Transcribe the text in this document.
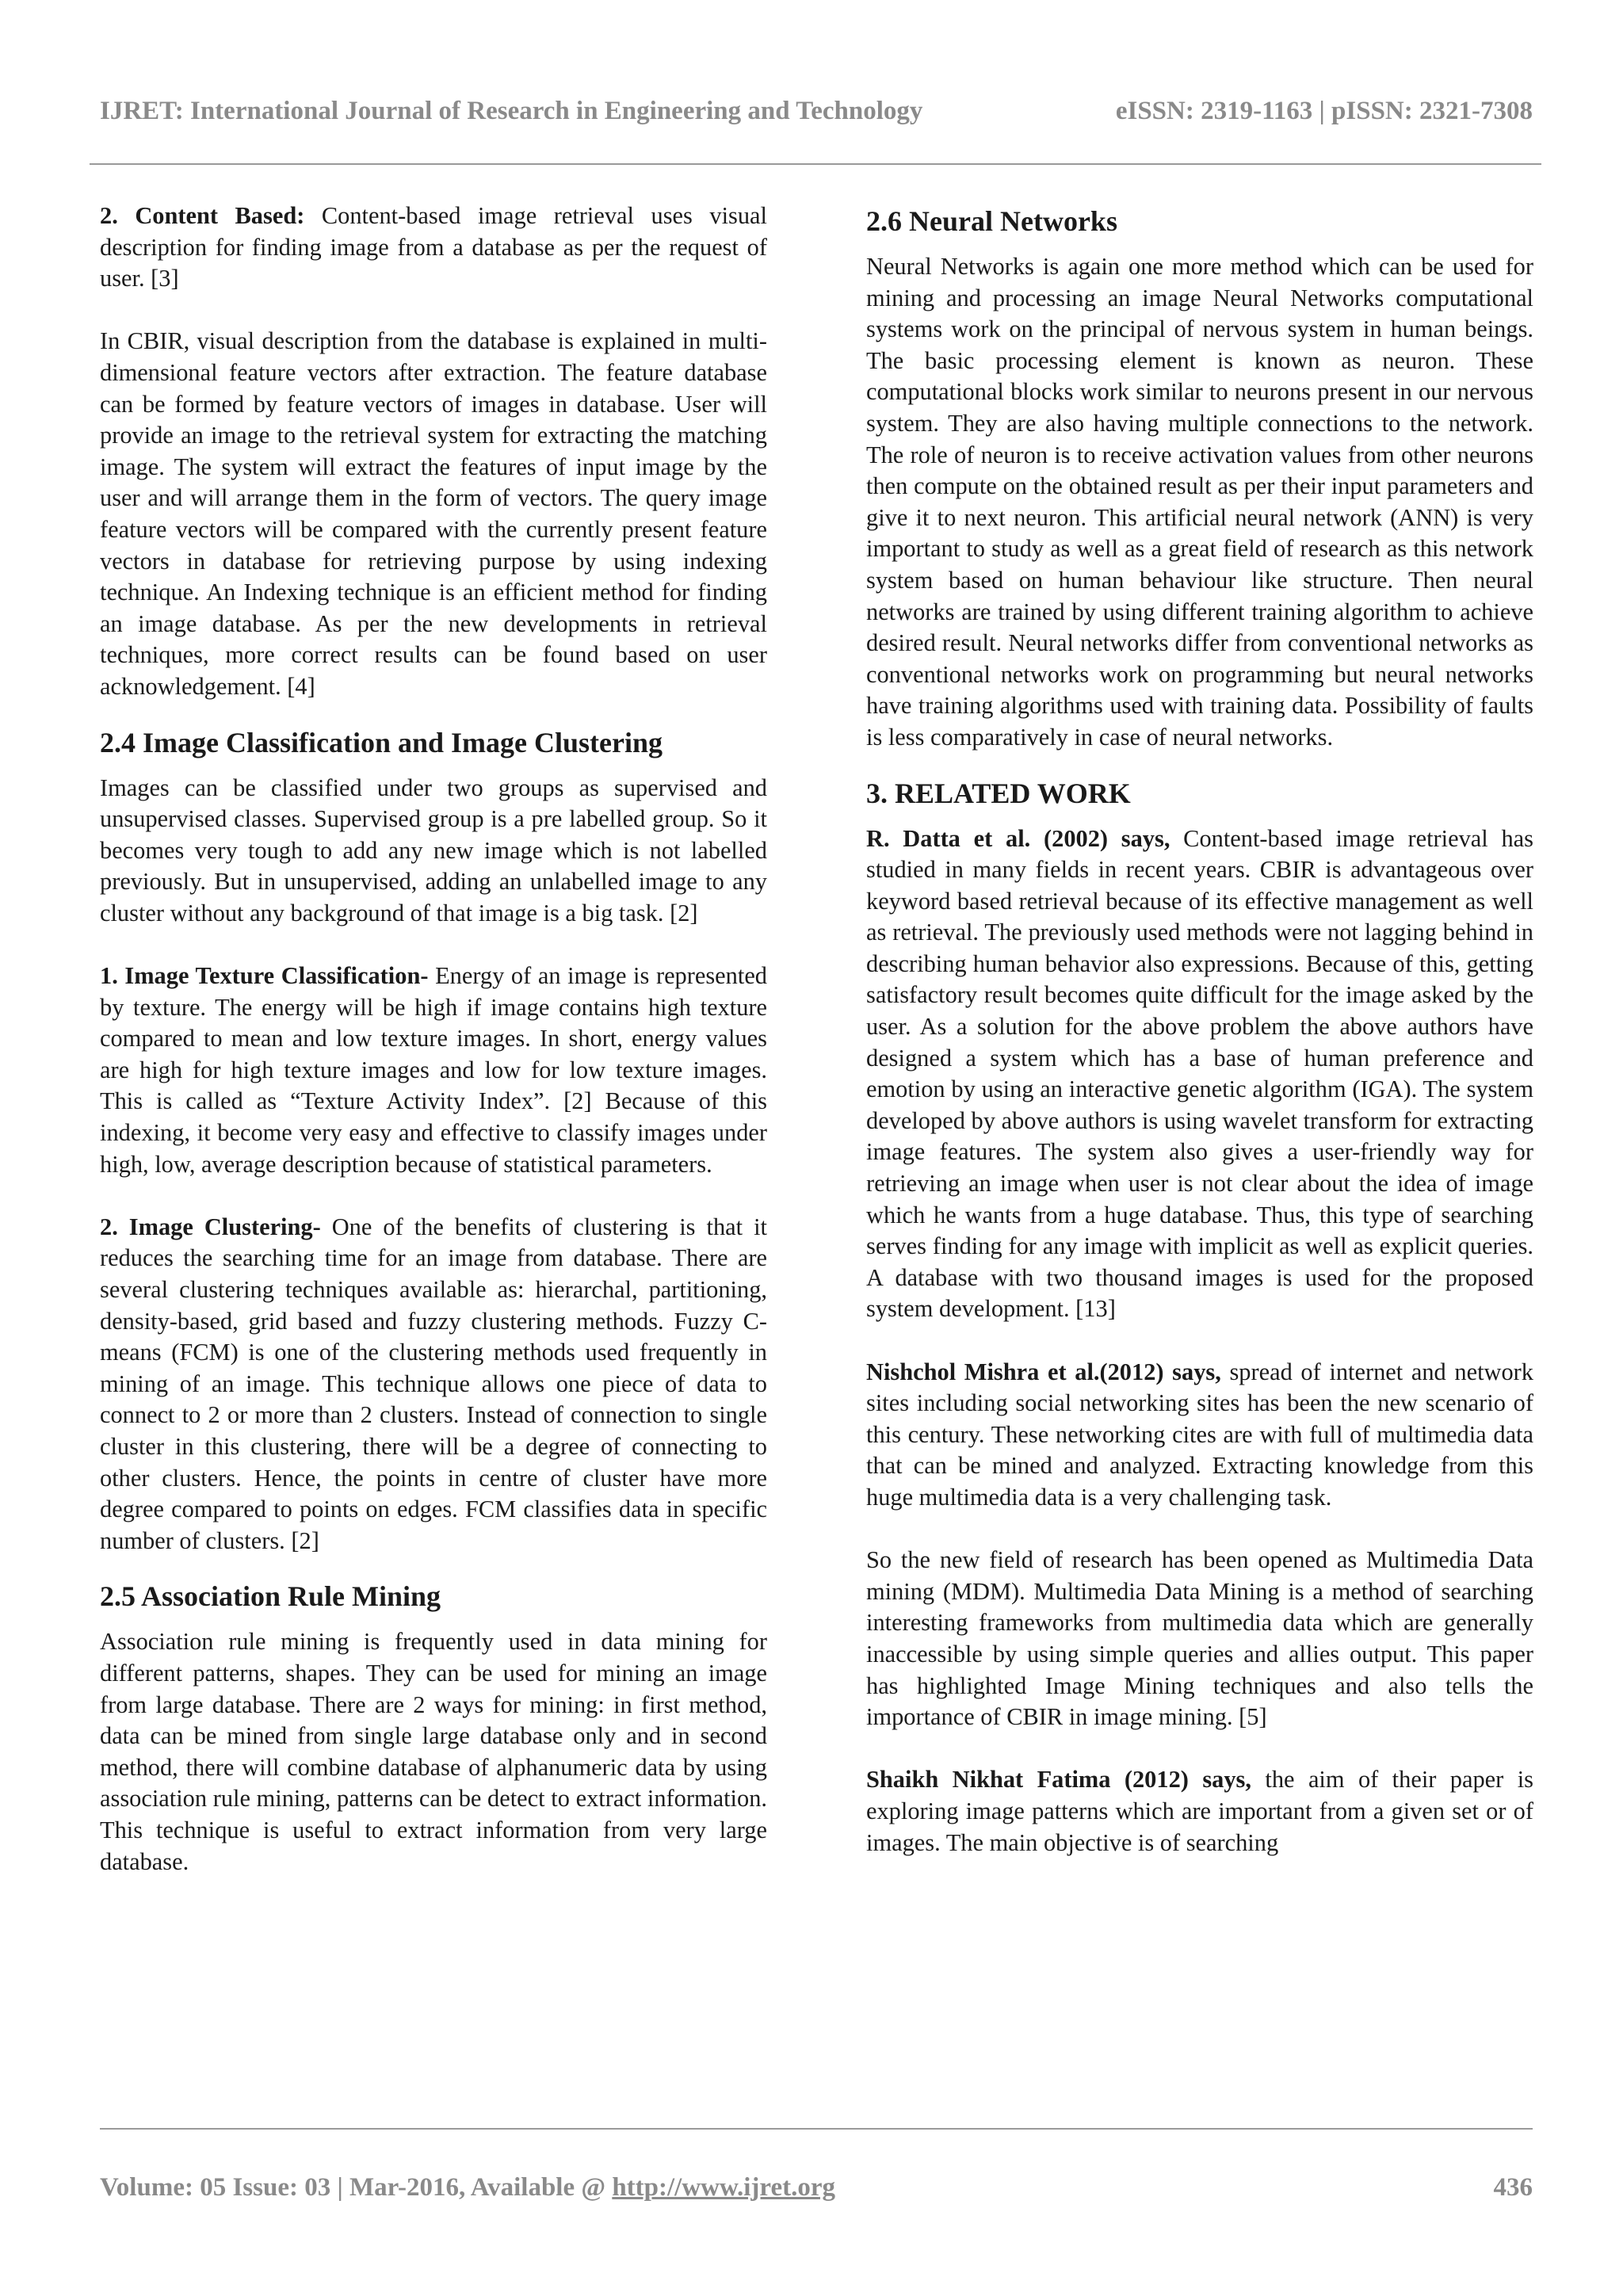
IJRET: International Journal of Research in Engineering and Technology	eISSN: 2319-1163 | pISSN: 2321-7308

2. Content Based: Content-based image retrieval uses visual description for finding image from a database as per the request of user. [3]

In CBIR, visual description from the database is explained in multi-dimensional feature vectors after extraction. The feature database can be formed by feature vectors of images in database. User will provide an image to the retrieval system for extracting the matching image. The system will extract the features of input image by the user and will arrange them in the form of vectors. The query image feature vectors will be compared with the currently present feature vectors in database for retrieving purpose by using indexing technique. An Indexing technique is an efficient method for finding an image database. As per the new developments in retrieval techniques, more correct results can be found based on user acknowledgement. [4]

2.4 Image Classification and Image Clustering

Images can be classified under two groups as supervised and unsupervised classes. Supervised group is a pre labelled group. So it becomes very tough to add any new image which is not labelled previously. But in unsupervised, adding an unlabelled image to any cluster without any background of that image is a big task. [2]

1. Image Texture Classification- Energy of an image is represented by texture. The energy will be high if image contains high texture compared to mean and low texture images. In short, energy values are high for high texture images and low for low texture images. This is called as “Texture Activity Index”. [2] Because of this indexing, it become very easy and effective to classify images under high, low, average description because of statistical parameters.

2. Image Clustering- One of the benefits of clustering is that it reduces the searching time for an image from database. There are several clustering techniques available as: hierarchal, partitioning, density-based, grid based and fuzzy clustering methods. Fuzzy C-means (FCM) is one of the clustering methods used frequently in mining of an image. This technique allows one piece of data to connect to 2 or more than 2 clusters. Instead of connection to single cluster in this clustering, there will be a degree of connecting to other clusters. Hence, the points in centre of cluster have more degree compared to points on edges. FCM classifies data in specific number of clusters. [2]

2.5 Association Rule Mining

Association rule mining is frequently used in data mining for different patterns, shapes. They can be used for mining an image from large database. There are 2 ways for mining: in first method, data can be mined from single large database only and in second method, there will combine database of alphanumeric data by using association rule mining, patterns can be detect to extract information. This technique is useful to extract information from very large database.

2.6 Neural Networks

Neural Networks is again one more method which can be used for mining and processing an image Neural Networks computational systems work on the principal of nervous system in human beings. The basic processing element is known as neuron. These computational blocks work similar to neurons present in our nervous system. They are also having multiple connections to the network. The role of neuron is to receive activation values from other neurons then compute on the obtained result as per their input parameters and give it to next neuron. This artificial neural network (ANN) is very important to study as well as a great field of research as this network system based on human behaviour like structure. Then neural networks are trained by using different training algorithm to achieve desired result. Neural networks differ from conventional networks as conventional networks work on programming but neural networks have training algorithms used with training data. Possibility of faults is less comparatively in case of neural networks.

3. RELATED WORK

R. Datta et al. (2002) says, Content-based image retrieval has studied in many fields in recent years. CBIR is advantageous over keyword based retrieval because of its effective management as well as retrieval. The previously used methods were not lagging behind in describing human behavior also expressions. Because of this, getting satisfactory result becomes quite difficult for the image asked by the user. As a solution for the above problem the above authors have designed a system which has a base of human preference and emotion by using an interactive genetic algorithm (IGA). The system developed by above authors is using wavelet transform for extracting image features. The system also gives a user-friendly way for retrieving an image when user is not clear about the idea of image which he wants from a huge database. Thus, this type of searching serves finding for any image with implicit as well as explicit queries. A database with two thousand images is used for the proposed system development. [13]

Nishchol Mishra et al.(2012) says, spread of internet and network sites including social networking sites has been the new scenario of this century. These networking cites are with full of multimedia data that can be mined and analyzed. Extracting knowledge from this huge multimedia data is a very challenging task.

So the new field of research has been opened as Multimedia Data mining (MDM). Multimedia Data Mining is a method of searching interesting frameworks from multimedia data which are generally inaccessible by using simple queries and allies output. This paper has highlighted Image Mining techniques and also tells the importance of CBIR in image mining. [5]

Shaikh Nikhat Fatima (2012) says, the aim of their paper is exploring image patterns which are important from a given set or of images. The main objective is of searching

Volume: 05 Issue: 03 | Mar-2016, Available @ http://www.ijret.org	436
